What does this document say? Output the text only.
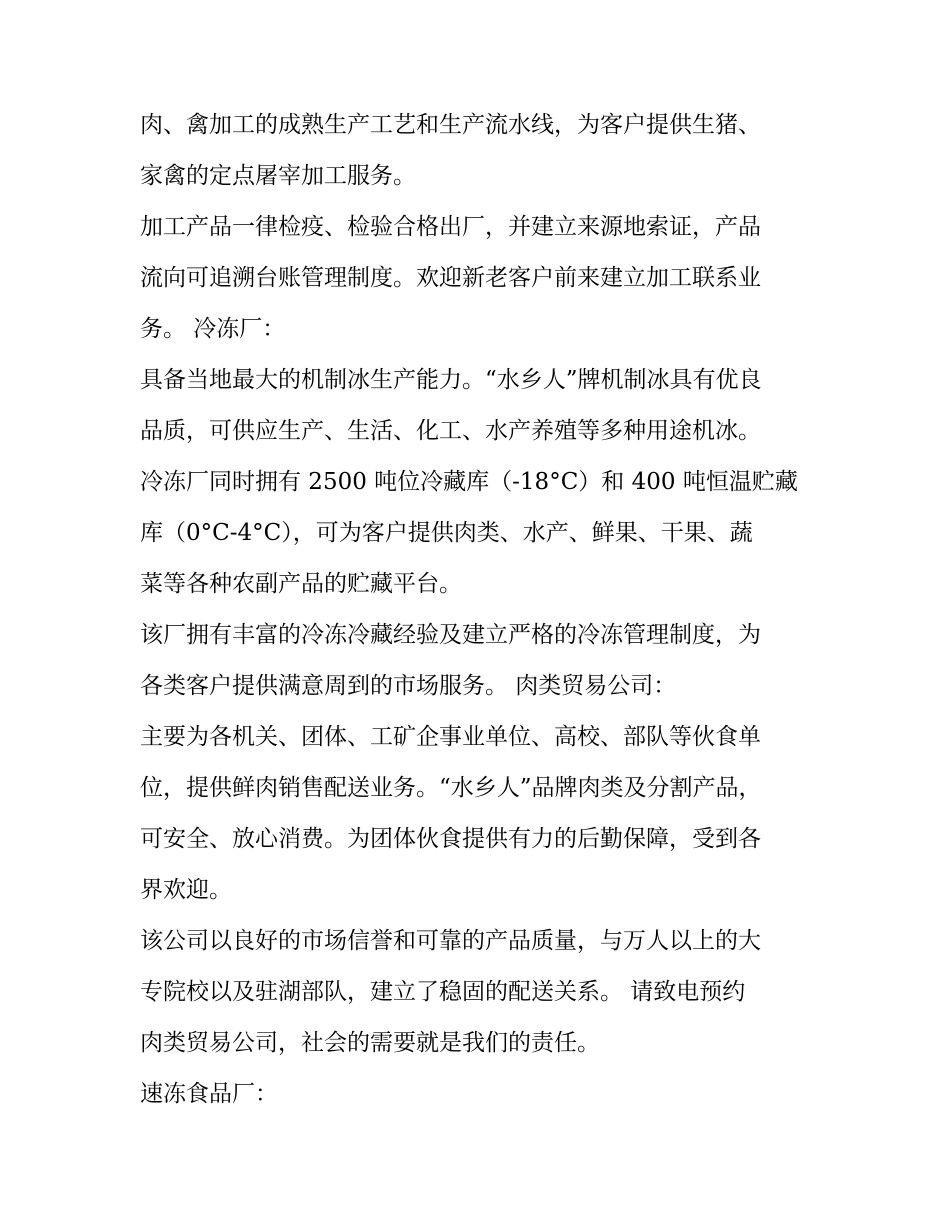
肉、禽加工的成熟生产工艺和生产流水线，为客户提供生猪、
家禽的定点屠宰加工服务。
加工产品一律检疫、检验合格出厂，并建立来源地索证，产品
流向可追溯台账管理制度。欢迎新老客户前来建立加工联系业
务。 冷冻厂：
具备当地最大的机制冰生产能力。“水乡人”牌机制冰具有优良
品质，可供应生产、生活、化工、水产养殖等多种用途机冰。
冷冻厂同时拥有 2500 吨位冷藏库（-18°C）和 400 吨恒温贮藏
库（0°C-4°C），可为客户提供肉类、水产、鲜果、干果、蔬
菜等各种农副产品的贮藏平台。
该厂拥有丰富的冷冻冷藏经验及建立严格的冷冻管理制度，为
各类客户提供满意周到的市场服务。 肉类贸易公司：
主要为各机关、团体、工矿企事业单位、高校、部队等伙食单
位，提供鲜肉销售配送业务。“水乡人”品牌肉类及分割产品，
可安全、放心消费。为团体伙食提供有力的后勤保障，受到各
界欢迎。
该公司以良好的市场信誉和可靠的产品质量，与万人以上的大
专院校以及驻湖部队，建立了稳固的配送关系。 请致电预约
肉类贸易公司，社会的需要就是我们的责任。
速冻食品厂：
